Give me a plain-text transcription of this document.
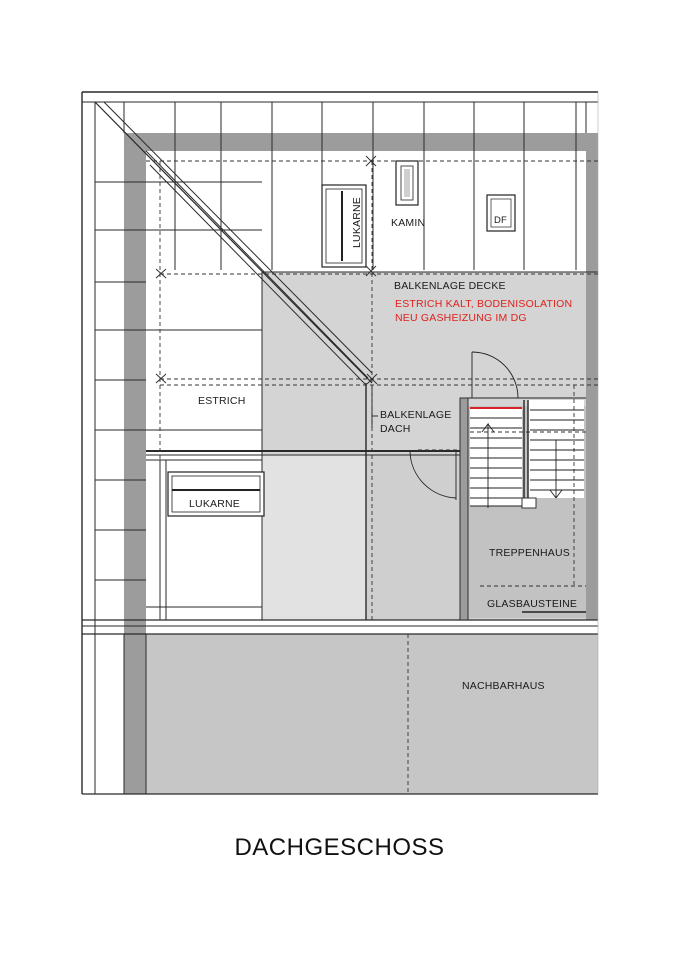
LUKARNE	KAMIN	DF
BALKENLAGE DECKE
ESTRICH KALT, BODENISOLATION
NEU GASHEIZUNG IM DG
ESTRICH
BALKENLAGE
DACH
LUKARNE
TREPPENHAUS
GLASBAUSTEINE
NACHBARHAUS
DACHGESCHOSS
